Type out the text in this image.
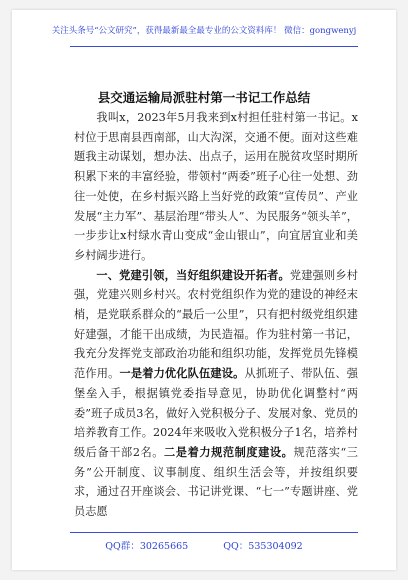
关注头条号“公文研究”，获得最新最全最专业的公文资料库！ 微信：gongwenyj
县交通运输局派驻村第一书记工作总结

我叫x，2023年5月我来到x村担任驻村第一书记。x村位于思南县西南部，山大沟深，交通不便。面对这些难题我主动谋划，想办法、出点子，运用在脱贫攻坚时期所积累下来的丰富经验，带领村“两委”班子心往一处想、劲往一处使，在乡村振兴路上当好党的政策“宣传员”、产业发展“主力军”、基层治理“带头人”、为民服务“领头羊”，一步步让x村绿水青山变成“金山银山”，向宜居宜业和美乡村阔步进行。

一、党建引领，当好组织建设开拓者。党建强则乡村强，党建兴则乡村兴。农村党组织作为党的建设的神经末梢，是党联系群众的“最后一公里”，只有把村级党组织建好建强，才能干出成绩，为民造福。作为驻村第一书记，我充分发挥党支部政治功能和组织功能，发挥党员先锋模范作用。一是着力优化队伍建设。从抓班子、带队伍、强堡垒入手，根据镇党委指导意见，协助优化调整村“两委”班子成员3名，做好入党积极分子、发展对象、党员的培养教育工作。2024年来吸收入党积极分子1名，培养村级后备干部2名。二是着力规范制度建设。规范落实“三务”公开制度、议事制度、组织生活会等，并按组织要求，通过召开座谈会、书记讲党课、“七一”专题讲座、党员志愿

QQ群：30265665	QQ：535304092
